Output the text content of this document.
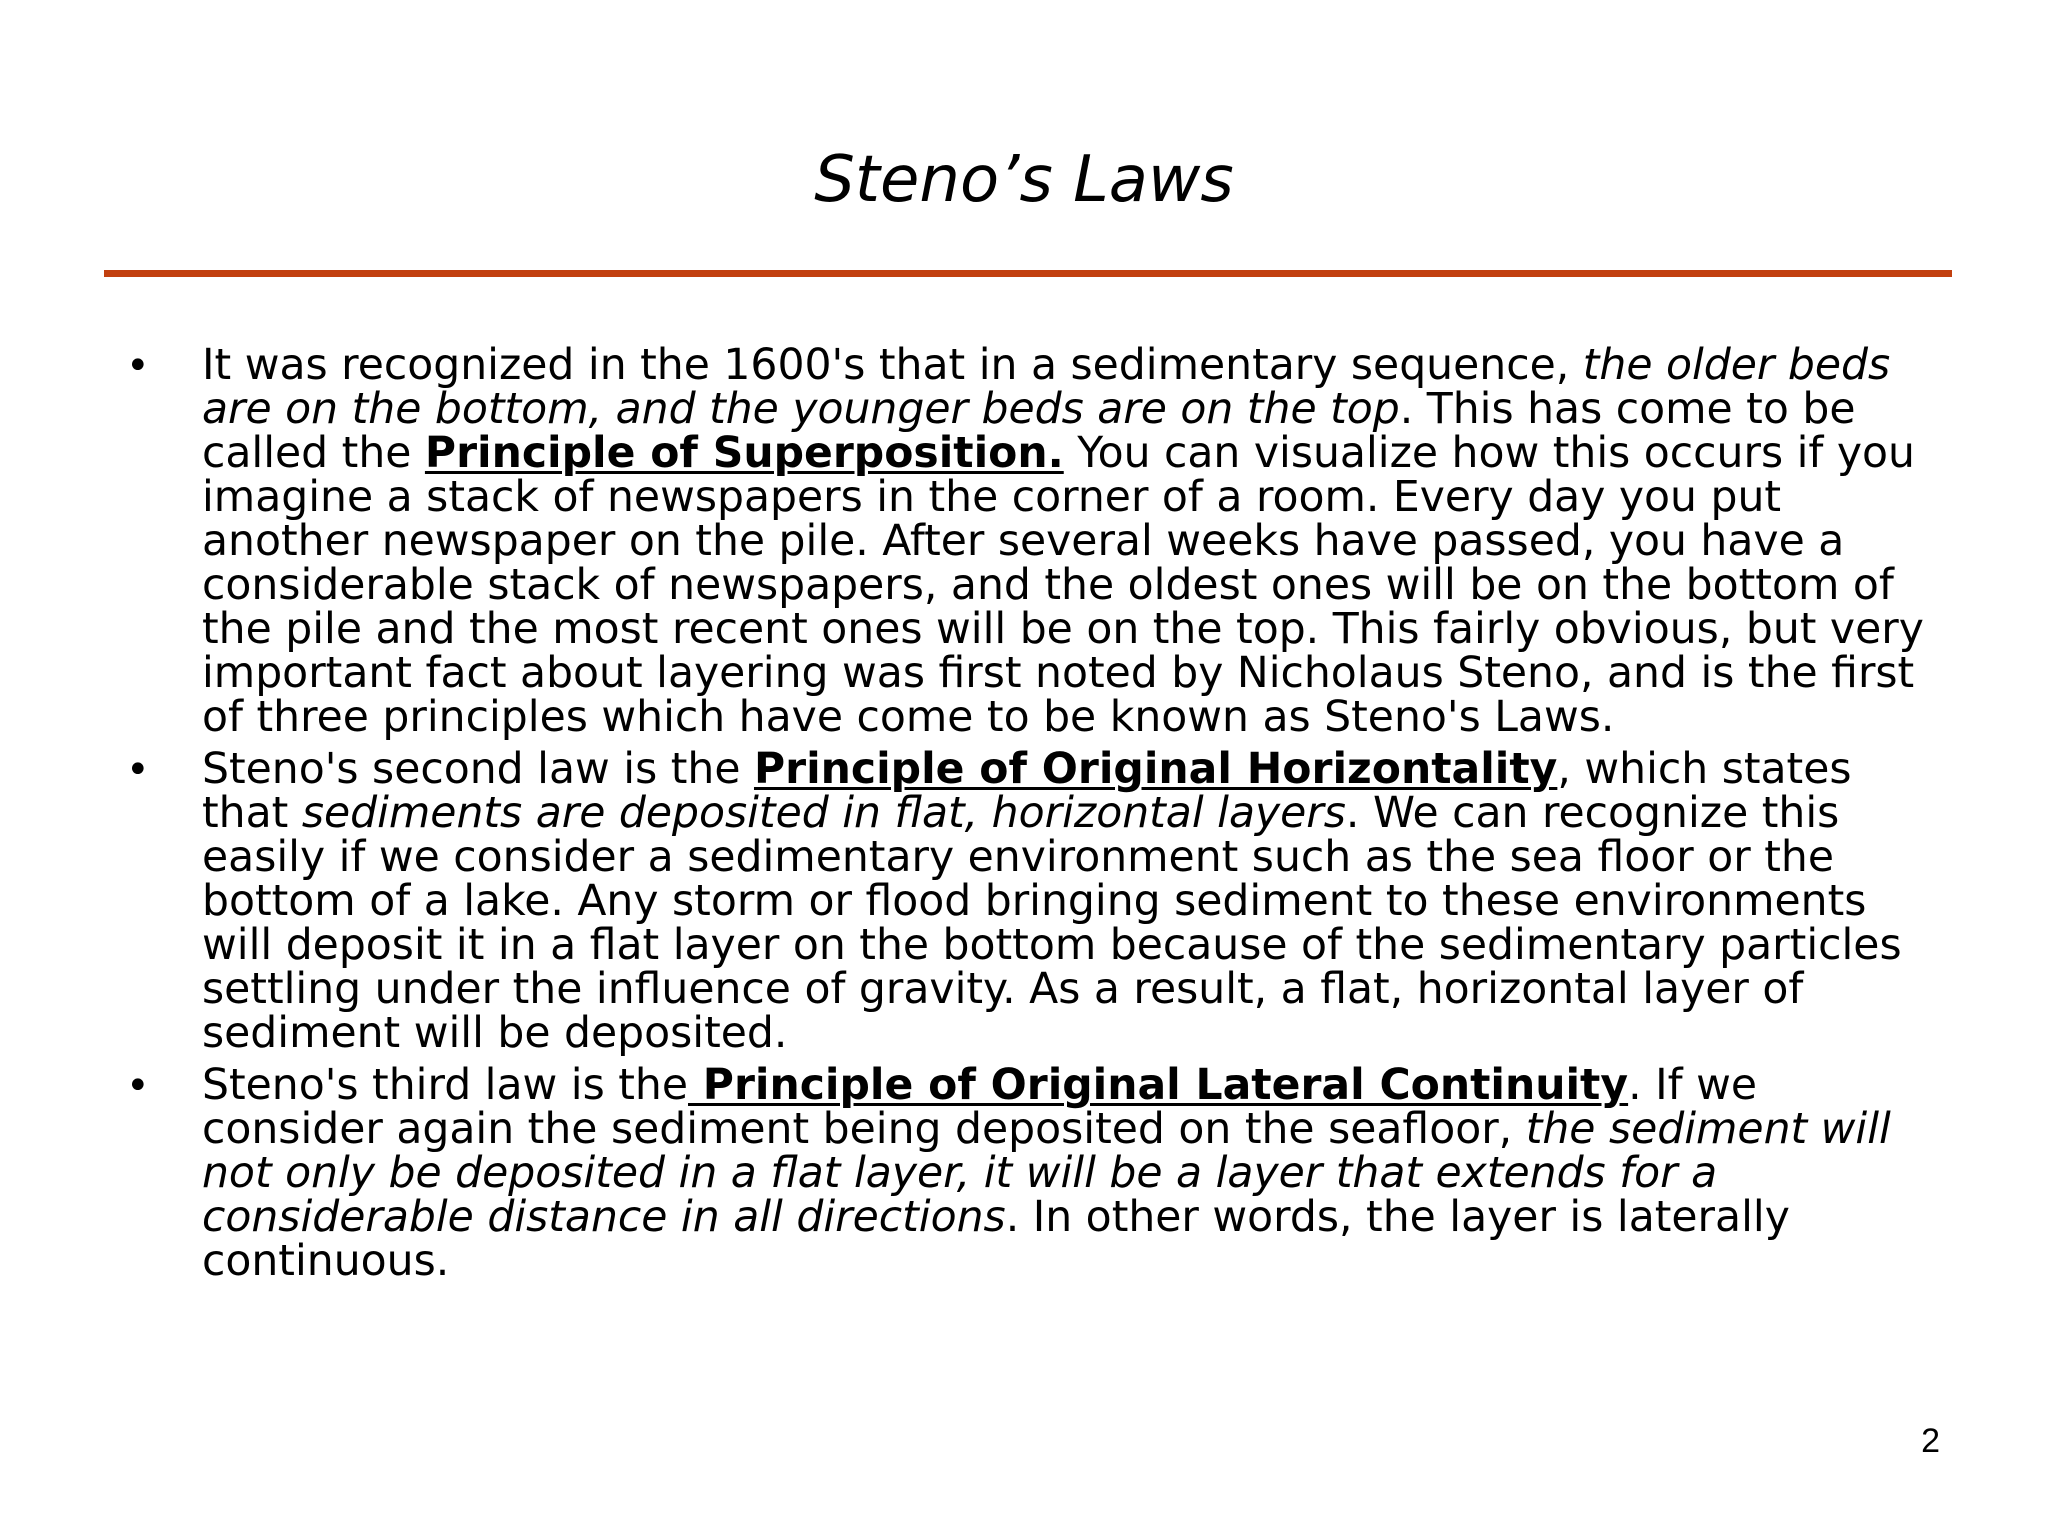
Steno’s Laws
• It was recognized in the 1600's that in a sedimentary sequence, the older beds are on the bottom, and the younger beds are on the top. This has come to be called the Principle of Superposition. You can visualize how this occurs if you imagine a stack of newspapers in the corner of a room. Every day you put another newspaper on the pile. After several weeks have passed, you have a considerable stack of newspapers, and the oldest ones will be on the bottom of the pile and the most recent ones will be on the top. This fairly obvious, but very important fact about layering was first noted by Nicholaus Steno, and is the first of three principles which have come to be known as Steno's Laws.
• Steno's second law is the Principle of Original Horizontality, which states that sediments are deposited in flat, horizontal layers. We can recognize this easily if we consider a sedimentary environment such as the sea floor or the bottom of a lake. Any storm or flood bringing sediment to these environments will deposit it in a flat layer on the bottom because of the sedimentary particles settling under the influence of gravity. As a result, a flat, horizontal layer of sediment will be deposited.
• Steno's third law is the Principle of Original Lateral Continuity. If we consider again the sediment being deposited on the seafloor, the sediment will not only be deposited in a flat layer, it will be a layer that extends for a considerable distance in all directions. In other words, the layer is laterally continuous.
2
